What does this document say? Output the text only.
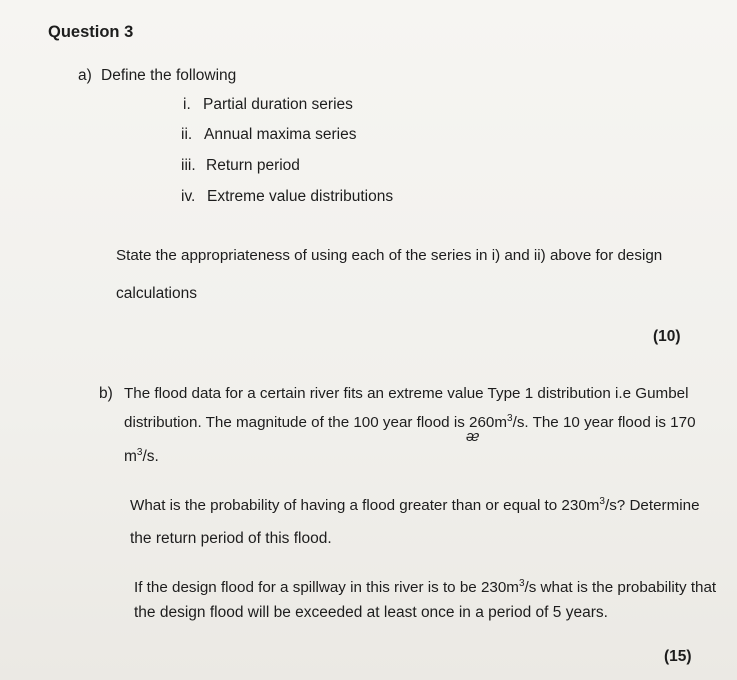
Question 3
a) Define the following
i. Partial duration series
ii. Annual maxima series
iii. Return period
iv. Extreme value distributions
State the appropriateness of using each of the series in i) and ii) above for design
calculations
(10)
b) The flood data for a certain river fits an extreme value Type 1 distribution i.e Gumbel
distribution. The magnitude of the 100 year flood is $260m^3/s$. The 10 year flood is 170
ᴂ
$m^3/s$.
What is the probability of having a flood greater than or equal to $230m^3/s$? Determine
the return period of this flood.
If the design flood for a spillway in this river is to be $230m^3/s$ what is the probability that
the design flood will be exceeded at least once in a period of 5 years.
(15)
